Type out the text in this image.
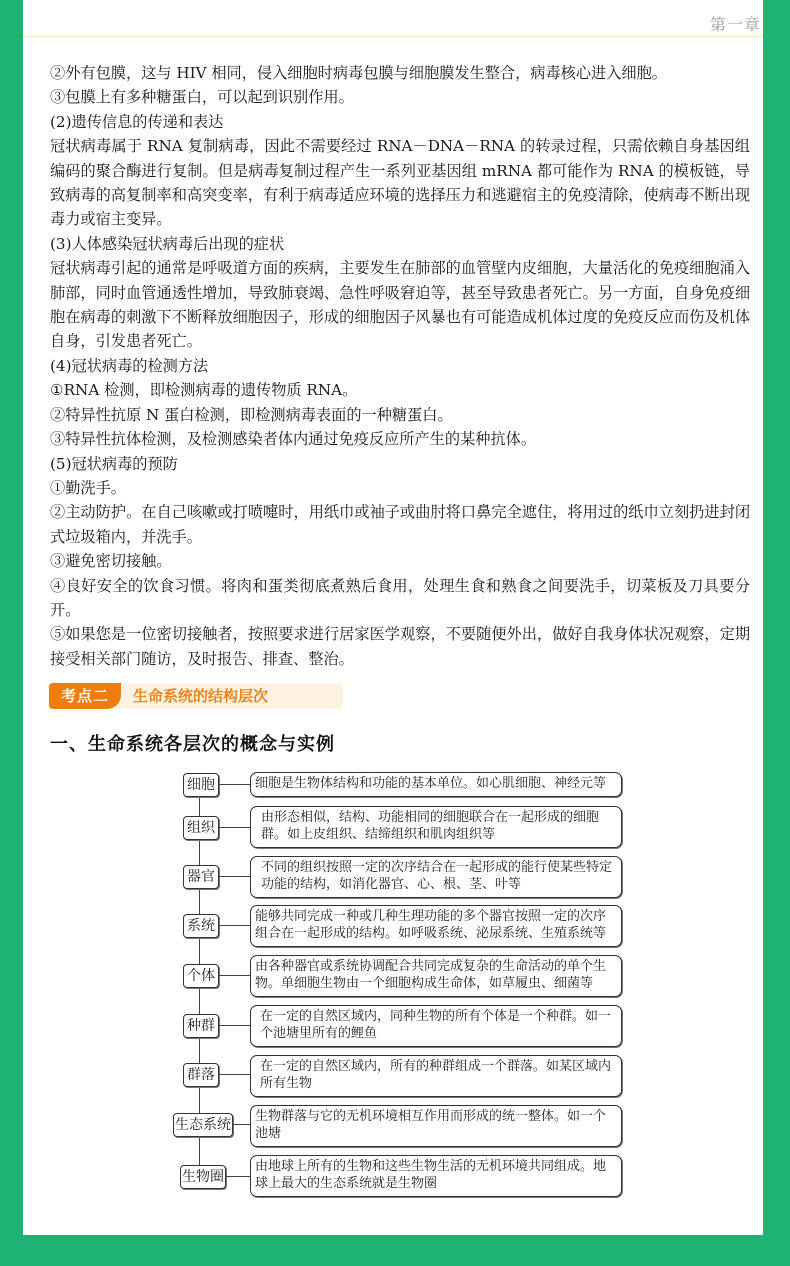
第一章

②外有包膜，这与 HIV 相同，侵入细胞时病毒包膜与细胞膜发生整合，病毒核心进入细胞。

③包膜上有多种糖蛋白，可以起到识别作用。

(2)遗传信息的传递和表达

冠状病毒属于 RNA 复制病毒，因此不需要经过 RNA－DNA－RNA 的转录过程，只需依赖自身基因组编码的聚合酶进行复制。但是病毒复制过程产生一系列亚基因组 mRNA 都可能作为 RNA 的模板链，导致病毒的高复制率和高突变率，有利于病毒适应环境的选择压力和逃避宿主的免疫清除，使病毒不断出现毒力或宿主变异。

(3)人体感染冠状病毒后出现的症状

冠状病毒引起的通常是呼吸道方面的疾病，主要发生在肺部的血管壁内皮细胞，大量活化的免疫细胞涌入肺部，同时血管通透性增加，导致肺衰竭、急性呼吸窘迫等，甚至导致患者死亡。另一方面，自身免疫细胞在病毒的刺激下不断释放细胞因子，形成的细胞因子风暴也有可能造成机体过度的免疫反应而伤及机体自身，引发患者死亡。

(4)冠状病毒的检测方法

①RNA 检测，即检测病毒的遗传物质 RNA。

②特异性抗原 N 蛋白检测，即检测病毒表面的一种糖蛋白。

③特异性抗体检测，及检测感染者体内通过免疫反应所产生的某种抗体。

(5)冠状病毒的预防

①勤洗手。

②主动防护。在自己咳嗽或打喷嚏时，用纸巾或袖子或曲肘将口鼻完全遮住，将用过的纸巾立刻扔进封闭式垃圾箱内，并洗手。

③避免密切接触。

④良好安全的饮食习惯。将肉和蛋类彻底煮熟后食用，处理生食和熟食之间要洗手，切菜板及刀具要分开。

⑤如果您是一位密切接触者，按照要求进行居家医学观察，不要随便外出，做好自我身体状况观察，定期接受相关部门随访，及时报告、排查、整治。

考点二	生命系统的结构层次
一、生命系统各层次的概念与实例
细胞	细胞是生物体结构和功能的基本单位。如心肌细胞、神经元等
组织
由形态相似，结构、功能相同的细胞联合在一起形成的细胞群。如上皮组织、结缔组织和肌肉组织等
器官
不同的组织按照一定的次序结合在一起形成的能行使某些特定功能的结构，如消化器官、心、根、茎、叶等
系统
能够共同完成一种或几种生理功能的多个器官按照一定的次序组合在一起形成的结构。如呼吸系统、泌尿系统、生殖系统等
个体
由各种器官或系统协调配合共同完成复杂的生命活动的单个生物。单细胞生物由一个细胞构成生命体，如草履虫、细菌等
种群
在一定的自然区域内，同种生物的所有个体是一个种群。如一个池塘里所有的鲤鱼
群落
在一定的自然区域内，所有的种群组成一个群落。如某区域内所有生物
生态系统
生物群落与它的无机环境相互作用而形成的统一整体。如一个池塘
生物圈
由地球上所有的生物和这些生物生活的无机环境共同组成。地球上最大的生态系统就是生物圈
